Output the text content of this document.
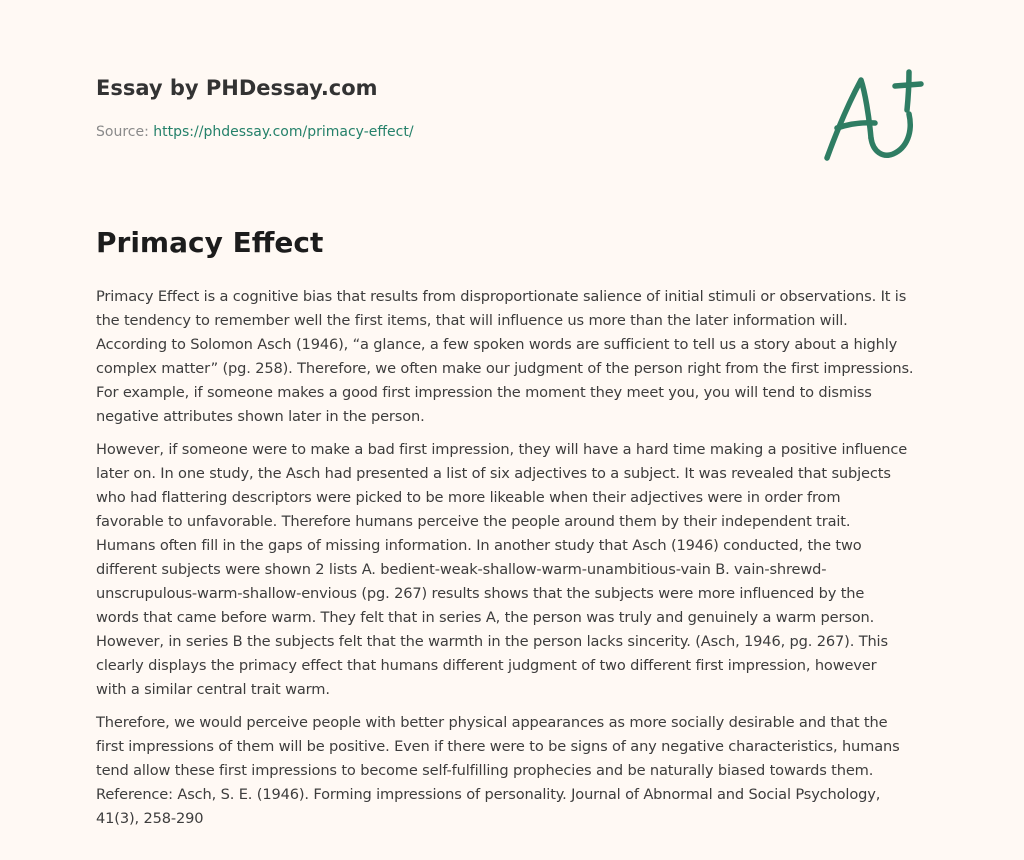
Essay by PHDessay.com
Source: https://phdessay.com/primacy-effect/
Primacy Effect

Primacy Effect is a cognitive bias that results from disproportionate salience of initial stimuli or observations. It is
the tendency to remember well the first items, that will influence us more than the later information will.
According to Solomon Asch (1946), “a glance, a few spoken words are sufficient to tell us a story about a highly
complex matter” (pg. 258). Therefore, we often make our judgment of the person right from the first impressions.
For example, if someone makes a good first impression the moment they meet you, you will tend to dismiss
negative attributes shown later in the person.

However, if someone were to make a bad first impression, they will have a hard time making a positive influence
later on. In one study, the Asch had presented a list of six adjectives to a subject. It was revealed that subjects
who had flattering descriptors were picked to be more likeable when their adjectives were in order from
favorable to unfavorable. Therefore humans perceive the people around them by their independent trait.
Humans often fill in the gaps of missing information. In another study that Asch (1946) conducted, the two
different subjects were shown 2 lists A. bedient-weak-shallow-warm-unambitious-vain B. vain-shrewd-
unscrupulous-warm-shallow-envious (pg. 267) results shows that the subjects were more influenced by the
words that came before warm. They felt that in series A, the person was truly and genuinely a warm person.
However, in series B the subjects felt that the warmth in the person lacks sincerity. (Asch, 1946, pg. 267). This
clearly displays the primacy effect that humans different judgment of two different first impression, however
with a similar central trait warm.

Therefore, we would perceive people with better physical appearances as more socially desirable and that the
first impressions of them will be positive. Even if there were to be signs of any negative characteristics, humans
tend allow these first impressions to become self-fulfilling prophecies and be naturally biased towards them.
Reference: Asch, S. E. (1946). Forming impressions of personality. Journal of Abnormal and Social Psychology,
41(3), 258-290
